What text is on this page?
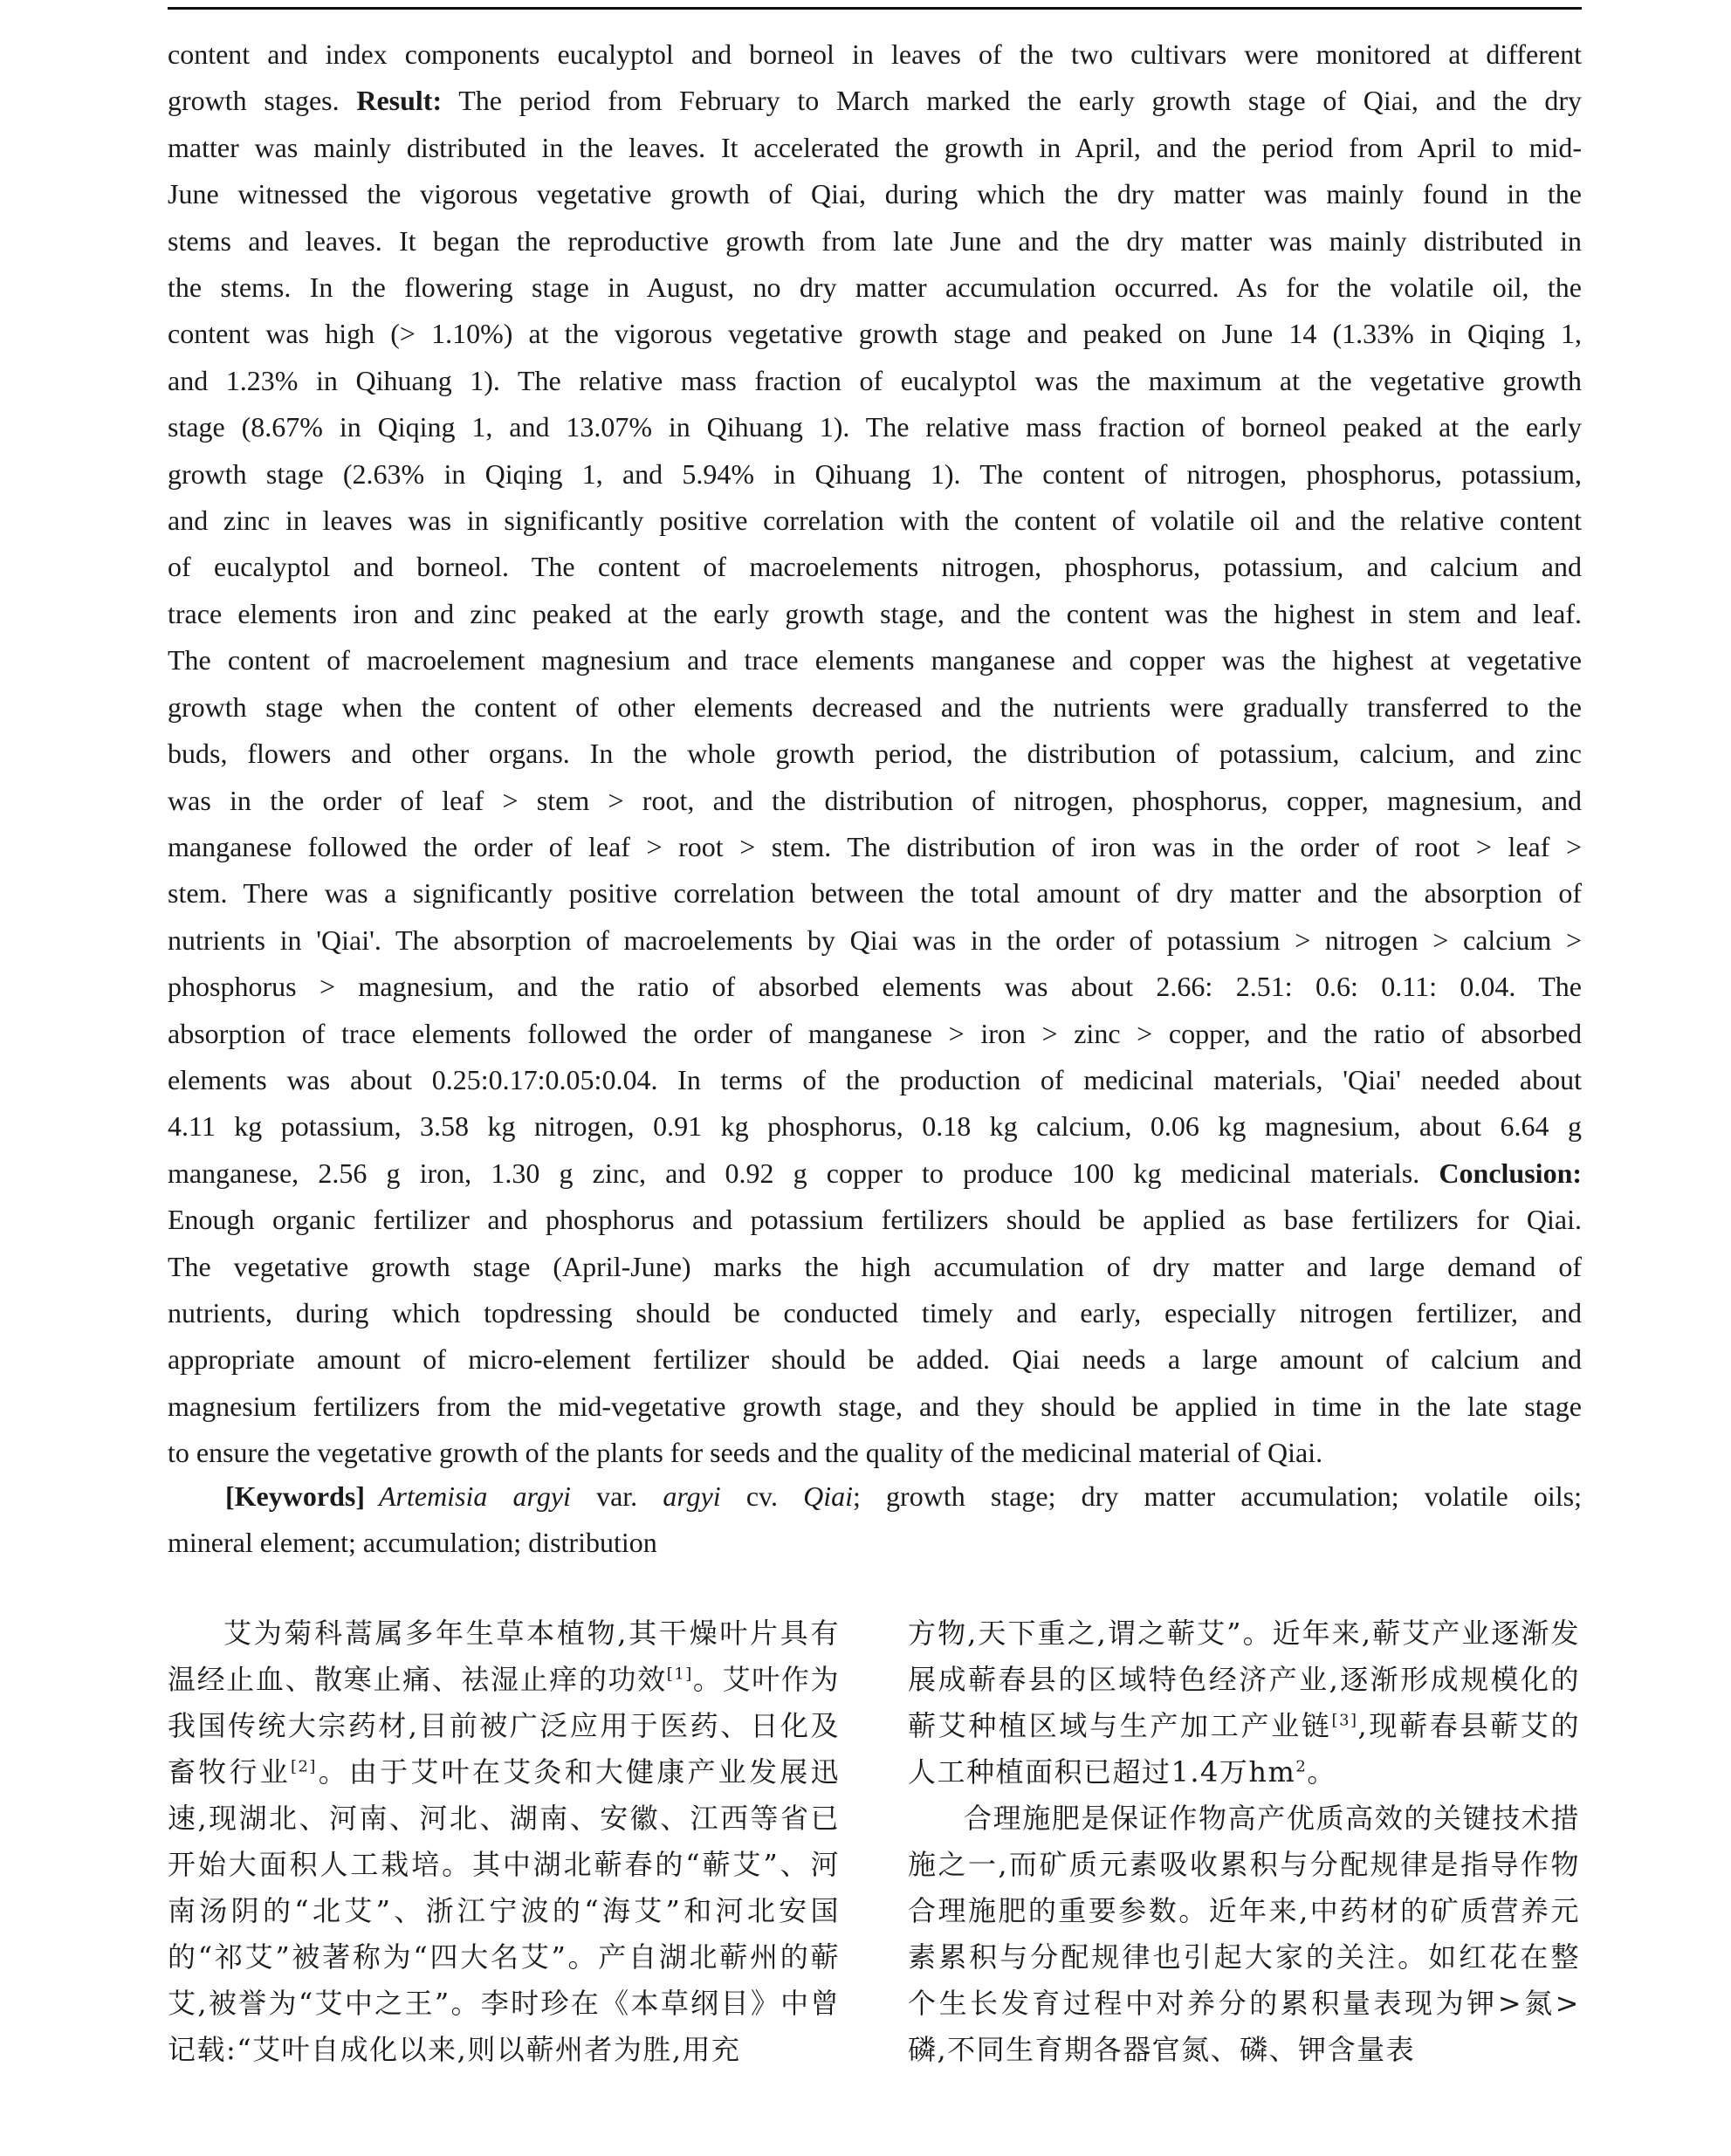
content and index components eucalyptol and borneol in leaves of the two cultivars were monitored at different
growth stages. Result: The period from February to March marked the early growth stage of Qiai, and the dry
matter was mainly distributed in the leaves. It accelerated the growth in April, and the period from April to mid-
June witnessed the vigorous vegetative growth of Qiai, during which the dry matter was mainly found in the
stems and leaves. It began the reproductive growth from late June and the dry matter was mainly distributed in
the stems. In the flowering stage in August, no dry matter accumulation occurred. As for the volatile oil, the
content was high (> 1.10%) at the vigorous vegetative growth stage and peaked on June 14 (1.33% in Qiqing 1,
and 1.23% in Qihuang 1). The relative mass fraction of eucalyptol was the maximum at the vegetative growth
stage (8.67% in Qiqing 1, and 13.07% in Qihuang 1). The relative mass fraction of borneol peaked at the early
growth stage (2.63% in Qiqing 1, and 5.94% in Qihuang 1). The content of nitrogen, phosphorus, potassium,
and zinc in leaves was in significantly positive correlation with the content of volatile oil and the relative content
of eucalyptol and borneol. The content of macroelements nitrogen, phosphorus, potassium, and calcium and
trace elements iron and zinc peaked at the early growth stage, and the content was the highest in stem and leaf.
The content of macroelement magnesium and trace elements manganese and copper was the highest at vegetative
growth stage when the content of other elements decreased and the nutrients were gradually transferred to the
buds, flowers and other organs. In the whole growth period, the distribution of potassium, calcium, and zinc
was in the order of leaf > stem > root, and the distribution of nitrogen, phosphorus, copper, magnesium, and
manganese followed the order of leaf > root > stem. The distribution of iron was in the order of root > leaf >
stem. There was a significantly positive correlation between the total amount of dry matter and the absorption of
nutrients in 'Qiai'. The absorption of macroelements by Qiai was in the order of potassium > nitrogen > calcium >
phosphorus > magnesium, and the ratio of absorbed elements was about 2.66: 2.51: 0.6: 0.11: 0.04. The
absorption of trace elements followed the order of manganese > iron > zinc > copper, and the ratio of absorbed
elements was about 0.25:0.17:0.05:0.04. In terms of the production of medicinal materials, 'Qiai' needed about
4.11 kg potassium, 3.58 kg nitrogen, 0.91 kg phosphorus, 0.18 kg calcium, 0.06 kg magnesium, about 6.64 g
manganese, 2.56 g iron, 1.30 g zinc, and 0.92 g copper to produce 100 kg medicinal materials. Conclusion:
Enough organic fertilizer and phosphorus and potassium fertilizers should be applied as base fertilizers for Qiai.
The vegetative growth stage (April-June) marks the high accumulation of dry matter and large demand of
nutrients, during which topdressing should be conducted timely and early, especially nitrogen fertilizer, and
appropriate amount of micro-element fertilizer should be added. Qiai needs a large amount of calcium and
magnesium fertilizers from the mid-vegetative growth stage, and they should be applied in time in the late stage
to ensure the vegetative growth of the plants for seeds and the quality of the medicinal material of Qiai.
[Keywords] Artemisia argyi var. argyi cv. Qiai; growth stage; dry matter accumulation; volatile oils;
mineral element; accumulation; distribution

艾为菊科蒿属多年生草本植物,其干燥叶片具有温经止血、散寒止痛、祛湿止痒的功效[1]。艾叶作为我国传统大宗药材,目前被广泛应用于医药、日化及畜牧行业[2]。由于艾叶在艾灸和大健康产业发展迅速,现湖北、河南、河北、湖南、安徽、江西等省已开始大面积人工栽培。其中湖北蕲春的“蕲艾”、河南汤阴的“北艾”、浙江宁波的“海艾”和河北安国的“祁艾”被著称为“四大名艾”。产自湖北蕲州的蕲艾,被誉为“艾中之王”。李时珍在《本草纲目》中曾记载:“艾叶自成化以来,则以蕲州者为胜,用充

方物,天下重之,谓之蕲艾”。近年来,蕲艾产业逐渐发展成蕲春县的区域特色经济产业,逐渐形成规模化的蕲艾种植区域与生产加工产业链[3],现蕲春县蕲艾的人工种植面积已超过1.4万$hm^2$。

合理施肥是保证作物高产优质高效的关键技术措施之一,而矿质元素吸收累积与分配规律是指导作物合理施肥的重要参数。近年来,中药材的矿质营养元素累积与分配规律也引起大家的关注。如红花在整个生长发育过程中对养分的累积量表现为钾>氮>磷,不同生育期各器官氮、磷、钾含量表
